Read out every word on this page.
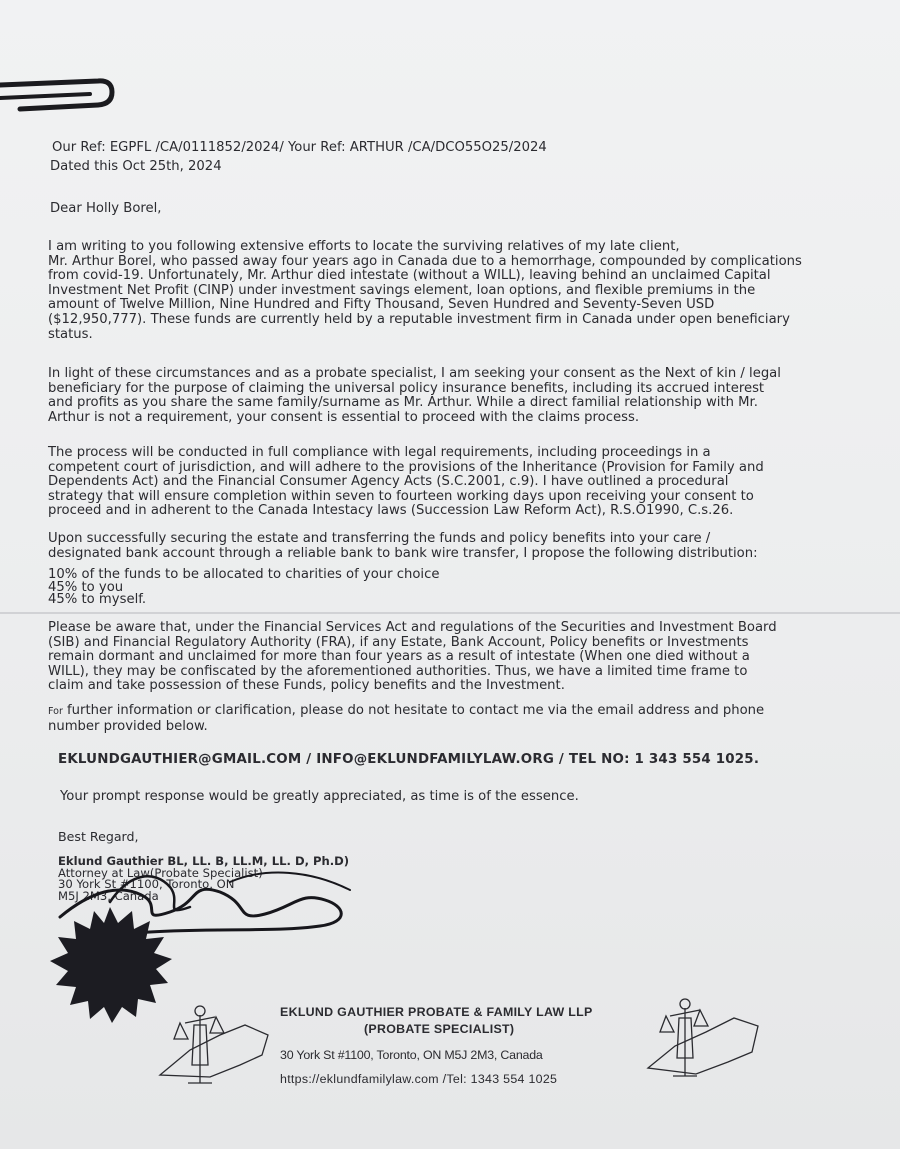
Our Ref: EGPFL /CA/0111852/2024/ Your Ref: ARTHUR /CA/DCO55O25/2024
Dated this Oct 25th, 2024
Dear Holly Borel,
I am writing to you following extensive efforts to locate the surviving relatives of my late client,
Mr. Arthur Borel, who passed away four years ago in Canada due to a hemorrhage, compounded by complications
from covid-19. Unfortunately, Mr. Arthur died intestate (without a WILL), leaving behind an unclaimed Capital
Investment Net Profit (CINP) under investment savings element, loan options, and flexible premiums in the
amount of Twelve Million, Nine Hundred and Fifty Thousand, Seven Hundred and Seventy-Seven USD
($12,950,777). These funds are currently held by a reputable investment firm in Canada under open beneficiary
status.
In light of these circumstances and as a probate specialist, I am seeking your consent as the Next of kin / legal
beneficiary for the purpose of claiming the universal policy insurance benefits, including its accrued interest
and profits as you share the same family/surname as Mr. Arthur. While a direct familial relationship with Mr.
Arthur is not a requirement, your consent is essential to proceed with the claims process.
The process will be conducted in full compliance with legal requirements, including proceedings in a
competent court of jurisdiction, and will adhere to the provisions of the Inheritance (Provision for Family and
Dependents Act) and the Financial Consumer Agency Acts (S.C.2001, c.9). I have outlined a procedural
strategy that will ensure completion within seven to fourteen working days upon receiving your consent to
proceed and in adherent to the Canada Intestacy laws (Succession Law Reform Act), R.S.O1990, C.s.26.
Upon successfully securing the estate and transferring the funds and policy benefits into your care /
designated bank account through a reliable bank to bank wire transfer, I propose the following distribution:
10% of the funds to be allocated to charities of your choice
45% to you
45% to myself.
Please be aware that, under the Financial Services Act and regulations of the Securities and Investment Board
(SIB) and Financial Regulatory Authority (FRA), if any Estate, Bank Account, Policy benefits or Investments
remain dormant and unclaimed for more than four years as a result of intestate (When one died without a
WILL), they may be confiscated by the aforementioned authorities. Thus, we have a limited time frame to
claim and take possession of these Funds, policy benefits and the Investment.
For further information or clarification, please do not hesitate to contact me via the email address and phone
number provided below.
EKLUNDGAUTHIER@GMAIL.COM / INFO@EKLUNDFAMILYLAW.ORG / TEL NO: 1 343 554 1025.
Your prompt response would be greatly appreciated, as time is of the essence.
Best Regard,
Eklund Gauthier BL, LL. B, LL.M, LL. D, Ph.D)
Attorney at Law(Probate Specialist)
30 York St #1100, Toronto, ON
M5J 2M3, Canada

EKLUND GAUTHIER PROBATE & FAMILY LAW LLP
(PROBATE SPECIALIST)
30 York St #1100, Toronto, ON M5J 2M3, Canada
https://eklundfamilylaw.com /Tel: 1343 554 1025
